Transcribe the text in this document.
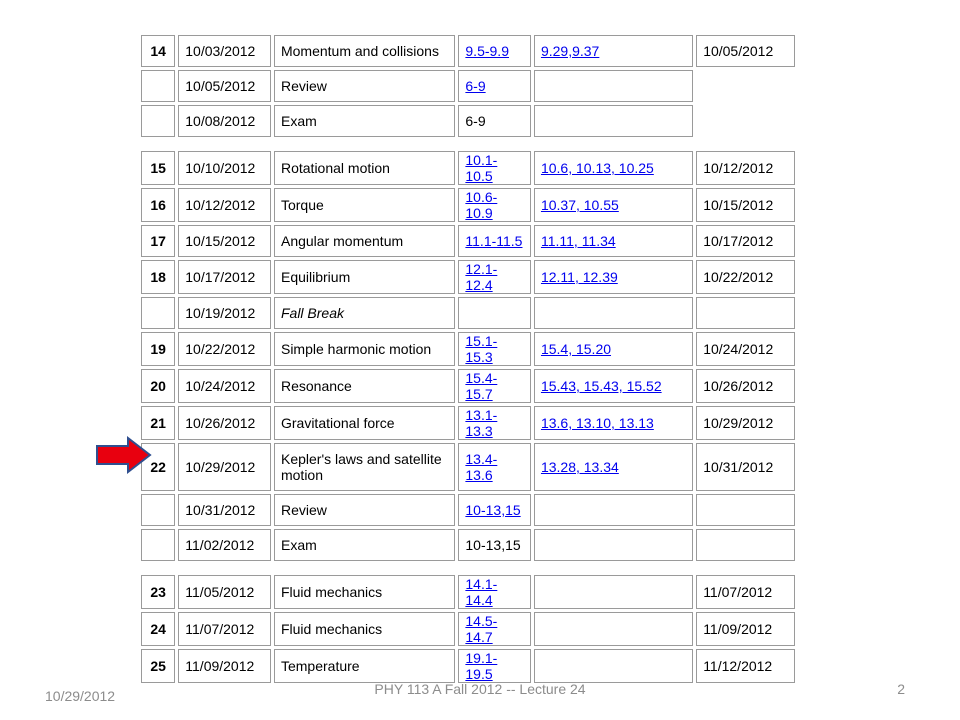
14	10/03/2012	Momentum and collisions	9.5-9.9	9.29,9.37	10/05/2012
	10/05/2012	Review	6-9		
	10/08/2012	Exam	6-9		

15	10/10/2012	Rotational motion	10.1-10.5	10.6, 10.13, 10.25	10/12/2012
16	10/12/2012	Torque	10.6-10.9	10.37, 10.55	10/15/2012
17	10/15/2012	Angular momentum	11.1-11.5	11.11, 11.34	10/17/2012
18	10/17/2012	Equilibrium	12.1-12.4	12.11, 12.39	10/22/2012
	10/19/2012	Fall Break			
19	10/22/2012	Simple harmonic motion	15.1-15.3	15.4, 15.20	10/24/2012
20	10/24/2012	Resonance	15.4-15.7	15.43, 15.43, 15.52	10/26/2012
21	10/26/2012	Gravitational force	13.1-13.3	13.6, 13.10, 13.13	10/29/2012
22	10/29/2012	Kepler's laws and satellite motion	13.4-13.6	13.28, 13.34	10/31/2012
	10/31/2012	Review	10-13,15		
	11/02/2012	Exam	10-13,15		

23	11/05/2012	Fluid mechanics	14.1-14.4		11/07/2012
24	11/07/2012	Fluid mechanics	14.5-14.7		11/09/2012
25	11/09/2012	Temperature	19.1-19.5		11/12/2012
10/29/2012	PHY 113 A Fall 2012 -- Lecture 24	2
